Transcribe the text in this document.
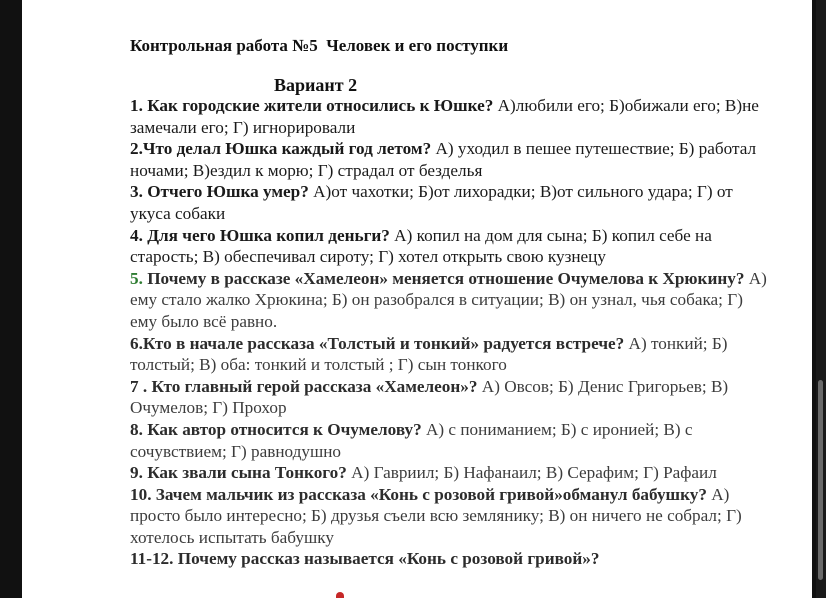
Контрольная работа №5  Человек и его поступки
Вариант 2

1. Как городские жители относились к Юшке? А)любили его; Б)обижали его; В)не замечали его; Г) игнорировали

2.Что делал Юшка каждый год летом? А) уходил в пешее путешествие; Б) работал ночами; В)ездил к морю; Г) страдал от безделья

3. Отчего Юшка умер? А)от чахотки; Б)от лихорадки; В)от сильного удара; Г) от укуса собаки

4. Для чего Юшка копил деньги? А) копил на дом для сына; Б) копил себе на старость; В) обеспечивал сироту; Г) хотел открыть свою кузнецу

5. Почему в рассказе «Хамелеон» меняется отношение Очумелова к Хрюкину? А) ему стало жалко Хрюкина; Б) он разобрался в ситуации; В) он узнал, чья собака; Г) ему было всё равно.

6.Кто в начале рассказа «Толстый и тонкий» радуется встрече? А) тонкий; Б) толстый; В) оба: тонкий и толстый ; Г) сын тонкого

7 . Кто главный герой рассказа «Хамелеон»? А) Овсов; Б) Денис Григорьев; В) Очумелов; Г) Прохор

8. Как автор относится к Очумелову? А) с пониманием; Б) с иронией; В) с сочувствием; Г) равнодушно

9. Как звали сына Тонкого? А) Гавриил; Б) Нафанаил; В) Серафим; Г) Рафаил

10. Зачем мальчик из рассказа «Конь с розовой гривой»обманул бабушку? А) просто было интересно; Б) друзья съели всю землянику; В) он ничего не собрал; Г) хотелось испытать бабушку

11-12. Почему рассказ называется «Конь с розовой гривой»?
